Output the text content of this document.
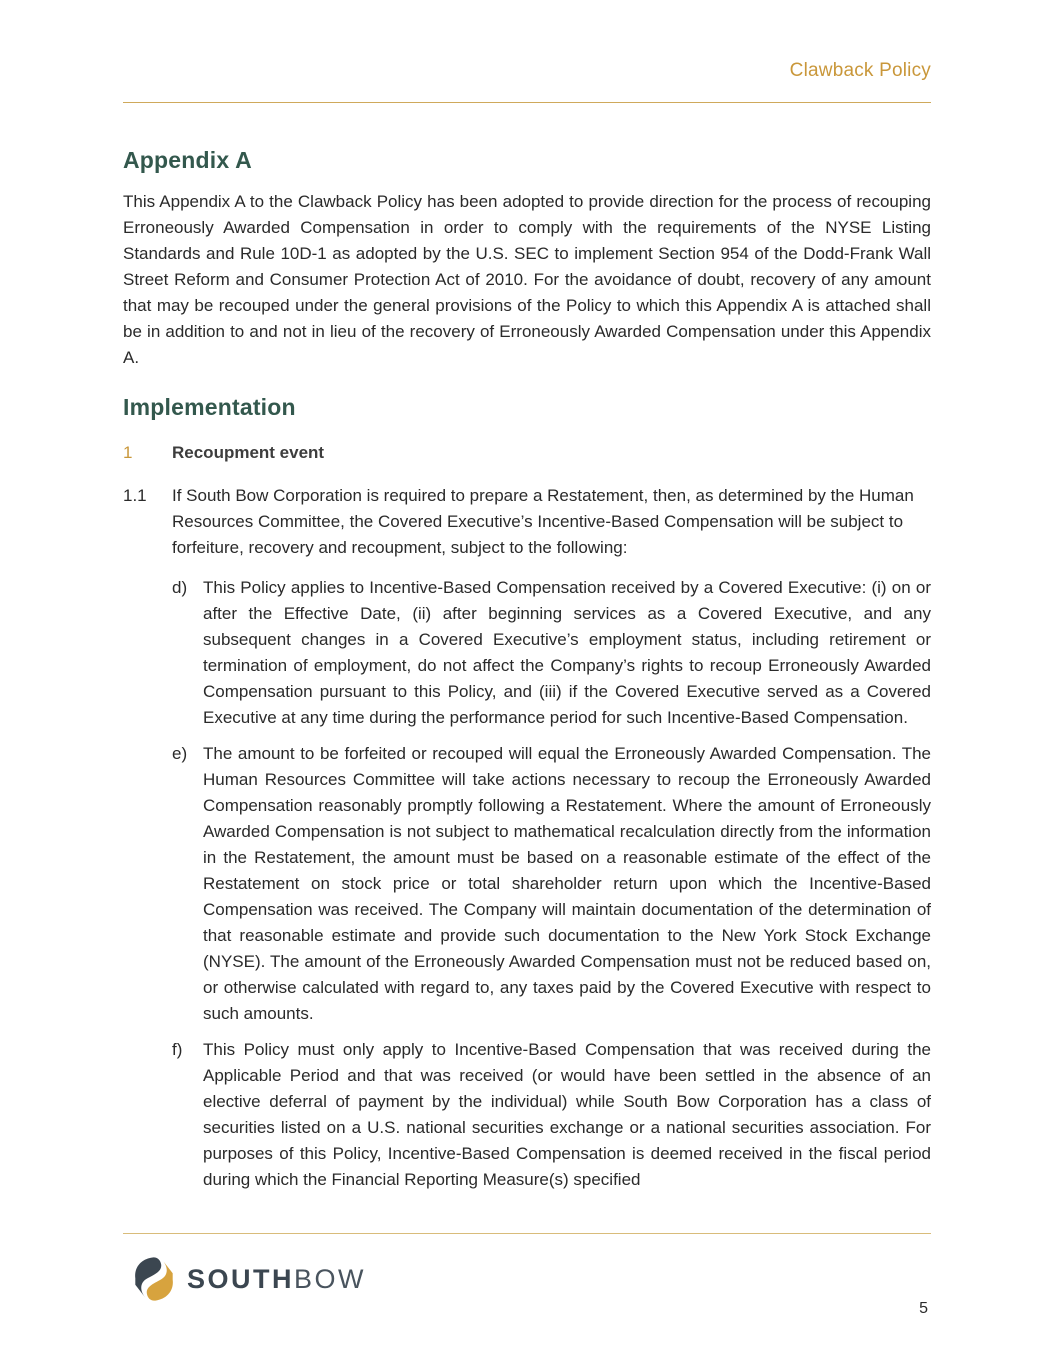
Clawback Policy
Appendix A

This Appendix A to the Clawback Policy has been adopted to provide direction for the process of recouping Erroneously Awarded Compensation in order to comply with the requirements of the NYSE Listing Standards and Rule 10D-1 as adopted by the U.S. SEC to implement Section 954 of the Dodd-Frank Wall Street Reform and Consumer Protection Act of 2010. For the avoidance of doubt, recovery of any amount that may be recouped under the general provisions of the Policy to which this Appendix A is attached shall be in addition to and not in lieu of the recovery of Erroneously Awarded Compensation under this Appendix A.

Implementation
1	Recoupment event
1.1	If South Bow Corporation is required to prepare a Restatement, then, as determined by the Human Resources Committee, the Covered Executive’s Incentive-Based Compensation will be subject to forfeiture, recovery and recoupment, subject to the following:

d) This Policy applies to Incentive-Based Compensation received by a Covered Executive: (i) on or after the Effective Date, (ii) after beginning services as a Covered Executive, and any subsequent changes in a Covered Executive’s employment status, including retirement or termination of employment, do not affect the Company’s rights to recoup Erroneously Awarded Compensation pursuant to this Policy, and (iii) if the Covered Executive served as a Covered Executive at any time during the performance period for such Incentive-Based Compensation.

e) The amount to be forfeited or recouped will equal the Erroneously Awarded Compensation. The Human Resources Committee will take actions necessary to recoup the Erroneously Awarded Compensation reasonably promptly following a Restatement. Where the amount of Erroneously Awarded Compensation is not subject to mathematical recalculation directly from the information in the Restatement, the amount must be based on a reasonable estimate of the effect of the Restatement on stock price or total shareholder return upon which the Incentive-Based Compensation was received. The Company will maintain documentation of the determination of that reasonable estimate and provide such documentation to the New York Stock Exchange (NYSE). The amount of the Erroneously Awarded Compensation must not be reduced based on, or otherwise calculated with regard to, any taxes paid by the Covered Executive with respect to such amounts.

f)	This Policy must only apply to Incentive-Based Compensation that was received during the Applicable Period and that was received (or would have been settled in the absence of an elective deferral of payment by the individual) while South Bow Corporation has a class of securities listed on a U.S. national securities exchange or a national securities association. For purposes of this Policy, Incentive-Based Compensation is deemed received in the fiscal period during which the Financial Reporting Measure(s) specified

SOUTHBOW
5
